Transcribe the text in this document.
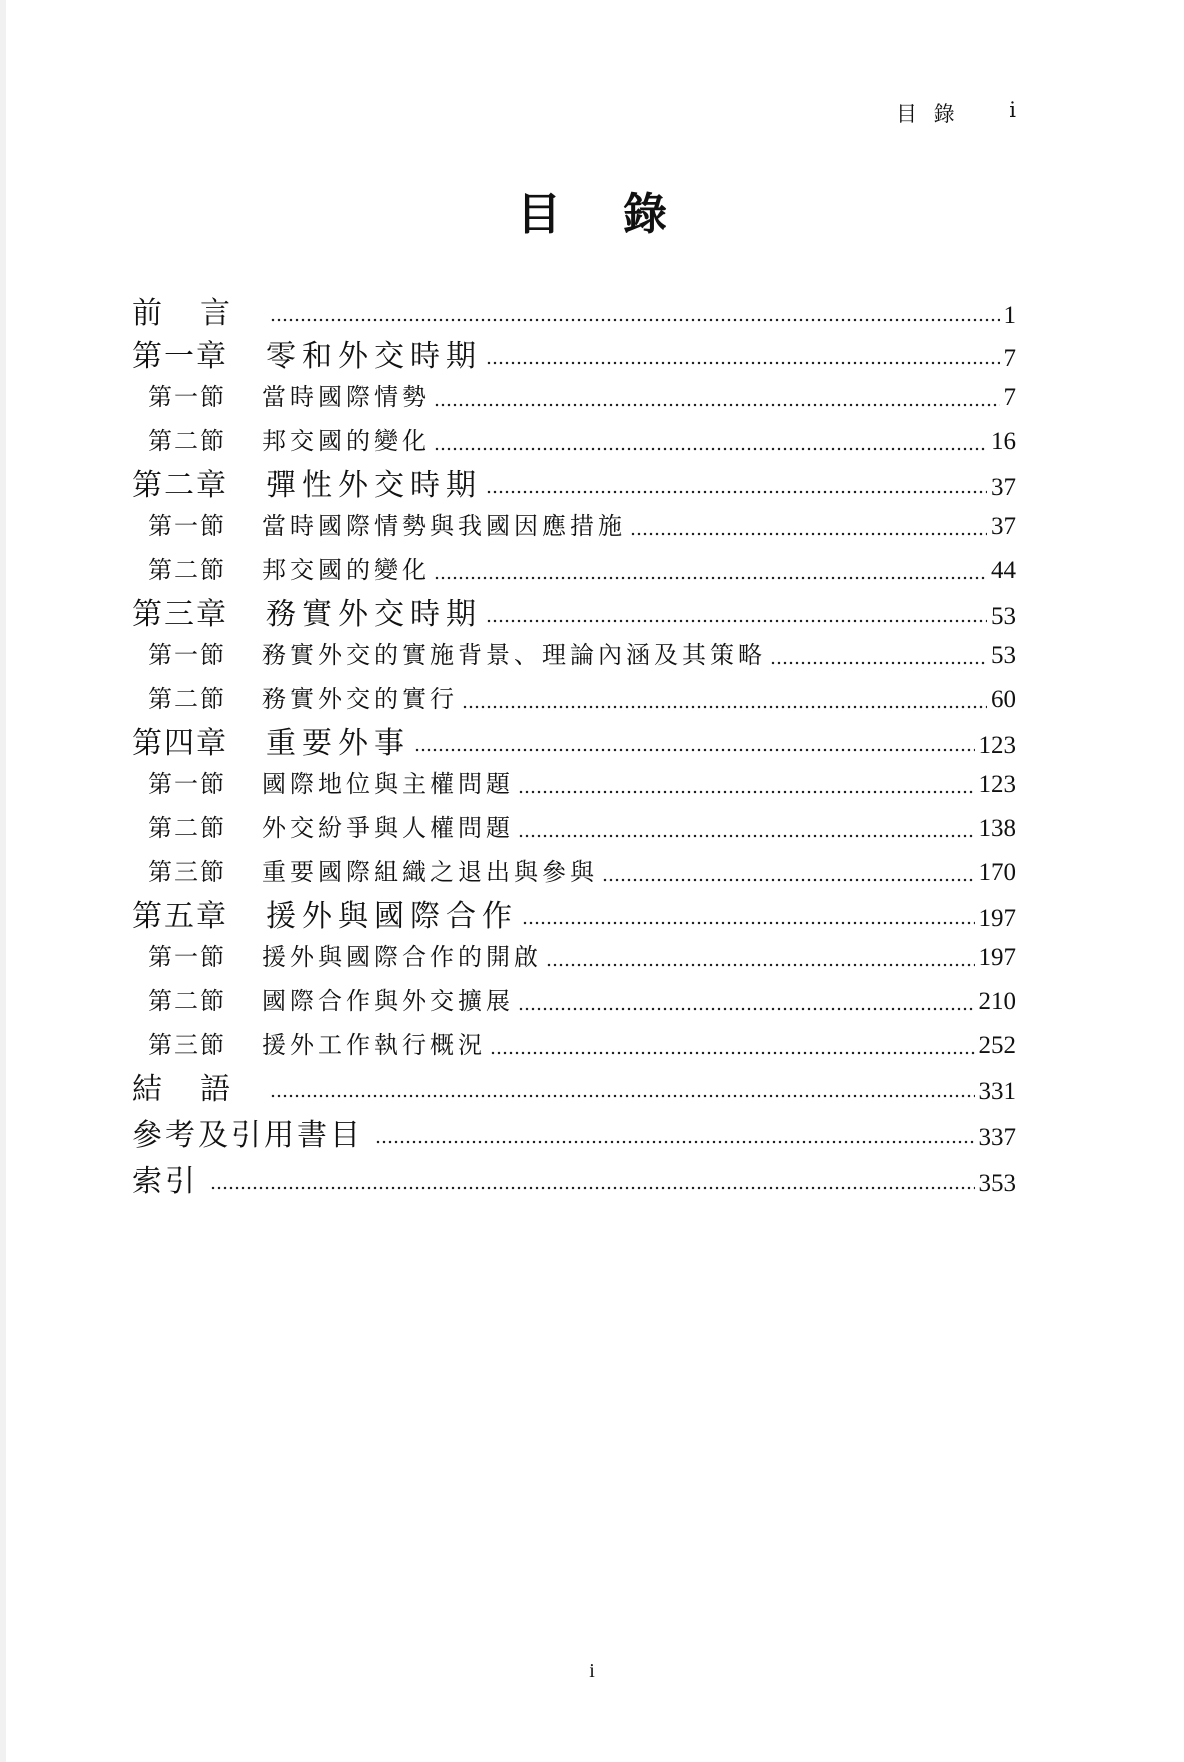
目 錄 i
目錄
前言	1
第一章	零和外交時期	7
第一節	當時國際情勢	7
第二節	邦交國的變化	16
第二章	彈性外交時期	37
第一節	當時國際情勢與我國因應措施	37
第二節	邦交國的變化	44
第三章	務實外交時期	53
第一節	務實外交的實施背景、理論內涵及其策略	53
第二節	務實外交的實行	60
第四章	重要外事	123
第一節	國際地位與主權問題	123
第二節	外交紛爭與人權問題	138
第三節	重要國際組織之退出與參與	170
第五章	援外與國際合作	197
第一節	援外與國際合作的開啟	197
第二節	國際合作與外交擴展	210
第三節	援外工作執行概況	252
結語	331
參考及引用書目	337
索引	353
i
